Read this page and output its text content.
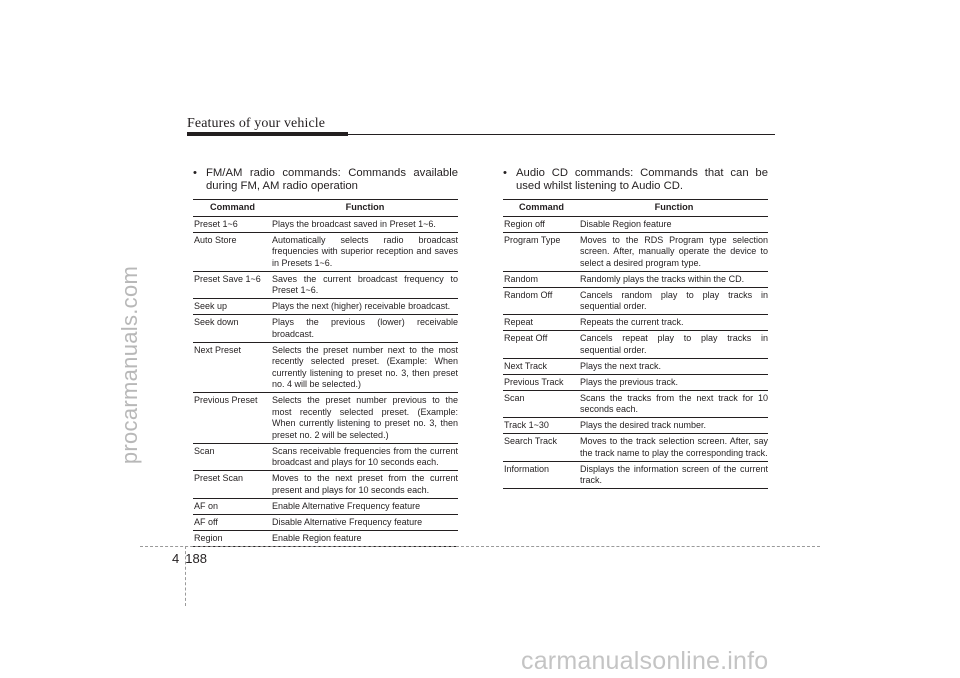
Features of your vehicle
procarmanuals.com
• FM/AM radio commands: Commands available during FM, AM radio operation
Command	Function
Preset 1~6	Plays the broadcast saved in Preset 1~6.
Auto Store	Automatically selects radio broadcast frequencies with superior reception and saves in Presets 1~6.
Preset Save 1~6	Saves the current broadcast frequency to Preset 1~6.
Seek up	Plays the next (higher) receivable broadcast.
Seek down	Plays the previous (lower) receivable broadcast.
Next Preset	Selects the preset number next to the most recently selected preset. (Example: When currently listening to preset no. 3, then preset no. 4 will be selected.)
Previous Preset	Selects the preset number previous to the most recently selected preset. (Example: When currently listening to preset no. 3, then preset no. 2 will be selected.)
Scan	Scans receivable frequencies from the current broadcast and plays for 10 seconds each.
Preset Scan	Moves to the next preset from the current present and plays for 10 seconds each.
AF on	Enable Alternative Frequency feature
AF off	Disable Alternative Frequency feature
Region	Enable Region feature
• Audio CD commands: Commands that can be used whilst listening to Audio CD.
Command	Function
Region off	Disable Region feature
Program Type	Moves to the RDS Program type selection screen. After, manually operate the device to select a desired program type.
Random	Randomly plays the tracks within the CD.
Random Off	Cancels random play to play tracks in sequential order.
Repeat	Repeats the current track.
Repeat Off	Cancels repeat play to play tracks in sequential order.
Next Track	Plays the next track.
Previous Track	Plays the previous track.
Scan	Scans the tracks from the next track for 10 seconds each.
Track 1~30	Plays the desired track number.
Search Track	Moves to the track selection screen. After, say the track name to play the corresponding track.
Information	Displays the information screen of the current track.
4 188
carmanualsonline.info
